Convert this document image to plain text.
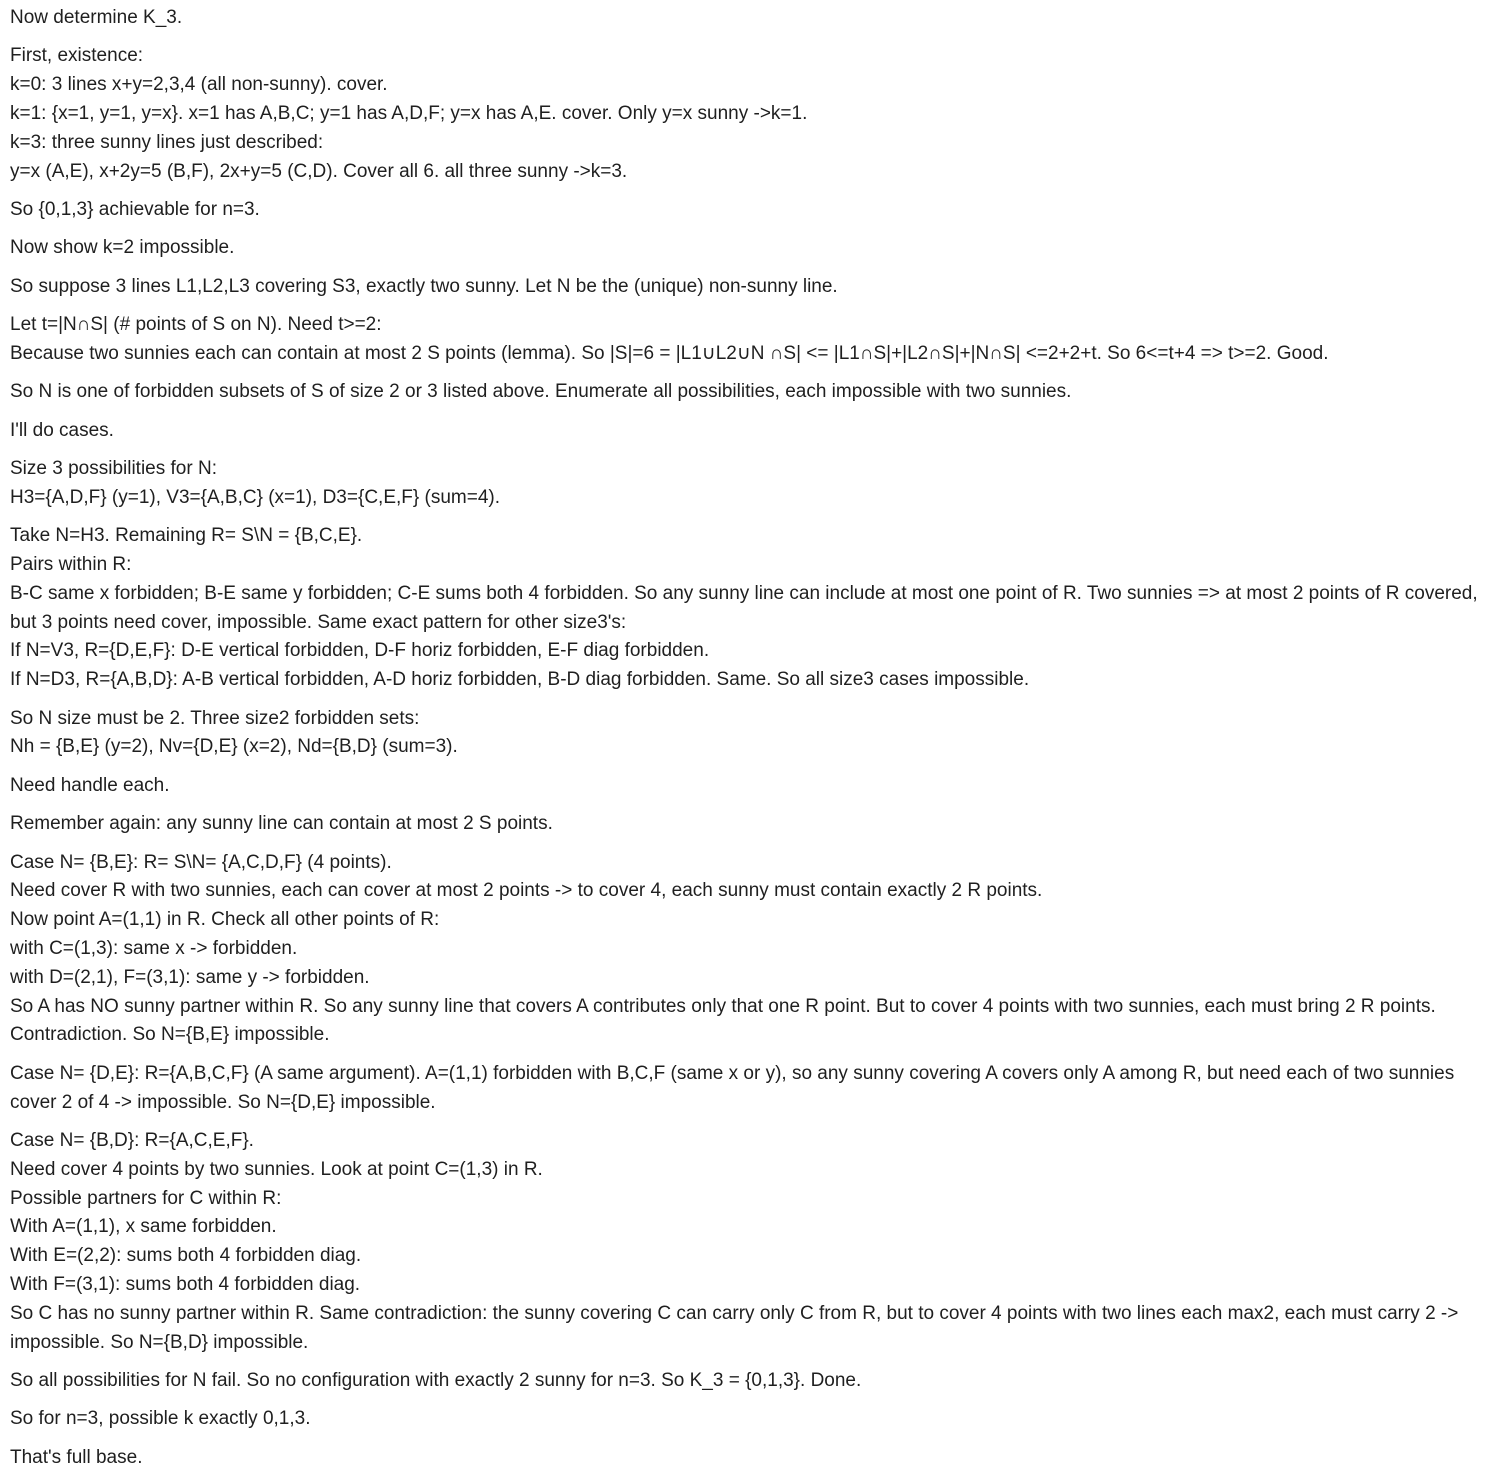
Now determine K_3.
First, existence:
k=0: 3 lines x+y=2,3,4 (all non-sunny). cover.
k=1: {x=1, y=1, y=x}. x=1 has A,B,C; y=1 has A,D,F; y=x has A,E. cover. Only y=x sunny ->k=1.
k=3: three sunny lines just described:
y=x (A,E), x+2y=5 (B,F), 2x+y=5 (C,D). Cover all 6. all three sunny ->k=3.
So {0,1,3} achievable for n=3.
Now show k=2 impossible.
So suppose 3 lines L1,L2,L3 covering S3, exactly two sunny. Let N be the (unique) non-sunny line.
Let t=|N∩S| (# points of S on N). Need t>=2:
Because two sunnies each can contain at most 2 S points (lemma). So |S|=6 = |L1∪L2∪N ∩S| <= |L1∩S|+|L2∩S|+|N∩S| <=2+2+t. So 6<=t+4 => t>=2. Good.
So N is one of forbidden subsets of S of size 2 or 3 listed above. Enumerate all possibilities, each impossible with two sunnies.
I'll do cases.
Size 3 possibilities for N:
H3={A,D,F} (y=1), V3={A,B,C} (x=1), D3={C,E,F} (sum=4).
Take N=H3. Remaining R= S\N = {B,C,E}.
Pairs within R:
B-C same x forbidden; B-E same y forbidden; C-E sums both 4 forbidden. So any sunny line can include at most one point of R. Two sunnies => at most 2 points of R covered, but 3 points need cover, impossible. Same exact pattern for other size3's:
If N=V3, R={D,E,F}: D-E vertical forbidden, D-F horiz forbidden, E-F diag forbidden.
If N=D3, R={A,B,D}: A-B vertical forbidden, A-D horiz forbidden, B-D diag forbidden. Same. So all size3 cases impossible.
So N size must be 2. Three size2 forbidden sets:
Nh = {B,E} (y=2), Nv={D,E} (x=2), Nd={B,D} (sum=3).
Need handle each.
Remember again: any sunny line can contain at most 2 S points.
Case N= {B,E}: R= S\N= {A,C,D,F} (4 points).
Need cover R with two sunnies, each can cover at most 2 points -> to cover 4, each sunny must contain exactly 2 R points.
Now point A=(1,1) in R. Check all other points of R:
with C=(1,3): same x -> forbidden.
with D=(2,1), F=(3,1): same y -> forbidden.
So A has NO sunny partner within R. So any sunny line that covers A contributes only that one R point. But to cover 4 points with two sunnies, each must bring 2 R points. Contradiction. So N={B,E} impossible.
Case N= {D,E}: R={A,B,C,F} (A same argument). A=(1,1) forbidden with B,C,F (same x or y), so any sunny covering A covers only A among R, but need each of two sunnies cover 2 of 4 -> impossible. So N={D,E} impossible.
Case N= {B,D}: R={A,C,E,F}.
Need cover 4 points by two sunnies. Look at point C=(1,3) in R.
Possible partners for C within R:
With A=(1,1), x same forbidden.
With E=(2,2): sums both 4 forbidden diag.
With F=(3,1): sums both 4 forbidden diag.
So C has no sunny partner within R. Same contradiction: the sunny covering C can carry only C from R, but to cover 4 points with two lines each max2, each must carry 2 -> impossible. So N={B,D} impossible.
So all possibilities for N fail. So no configuration with exactly 2 sunny for n=3. So K_3 = {0,1,3}. Done.
So for n=3, possible k exactly 0,1,3.
That's full base.
